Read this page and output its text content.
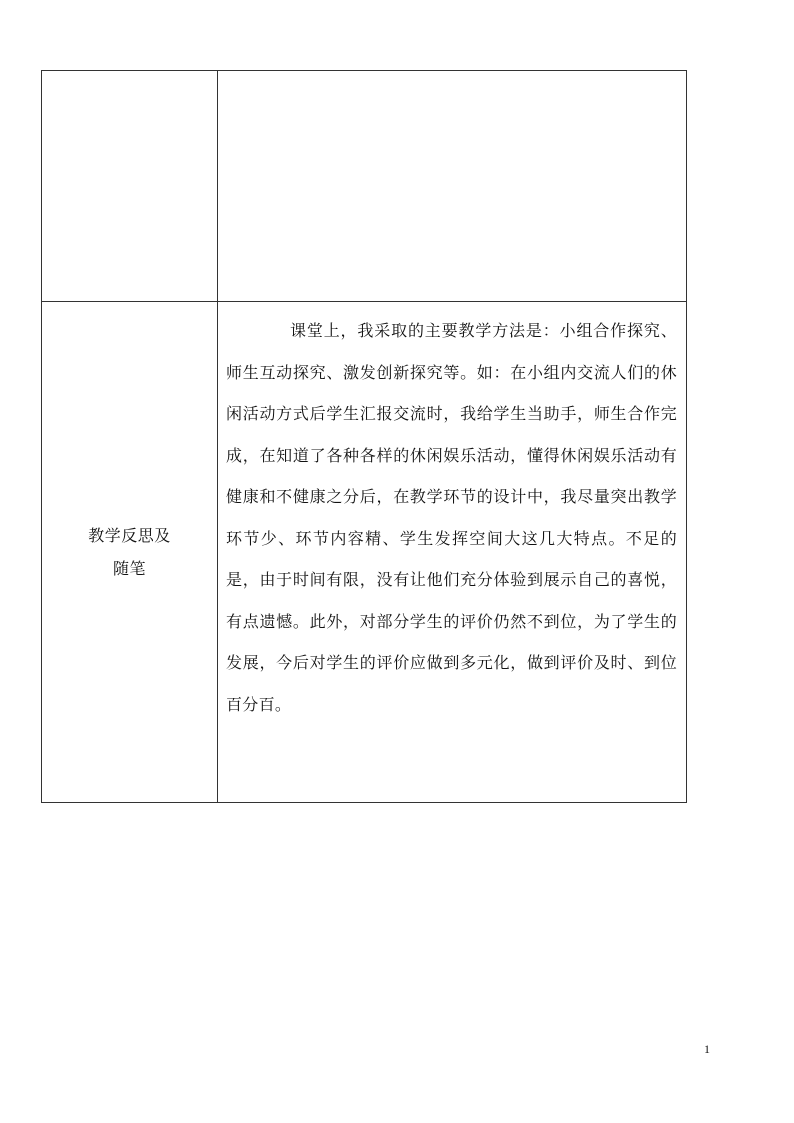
教学反思及
随笔	课堂上，我采取的主要教学方法是：小组合作探究、师生互动探究、激发创新探究等。如：在小组内交流人们的休闲活动方式后学生汇报交流时，我给学生当助手，师生合作完成，在知道了各种各样的休闲娱乐活动，懂得休闲娱乐活动有健康和不健康之分后，在教学环节的设计中，我尽量突出教学环节少、环节内容精、学生发挥空间大这几大特点。不足的是，由于时间有限，没有让他们充分体验到展示自己的喜悦，有点遗憾。此外，对部分学生的评价仍然不到位，为了学生的发展，今后对学生的评价应做到多元化，做到评价及时、到位百分百。

1
